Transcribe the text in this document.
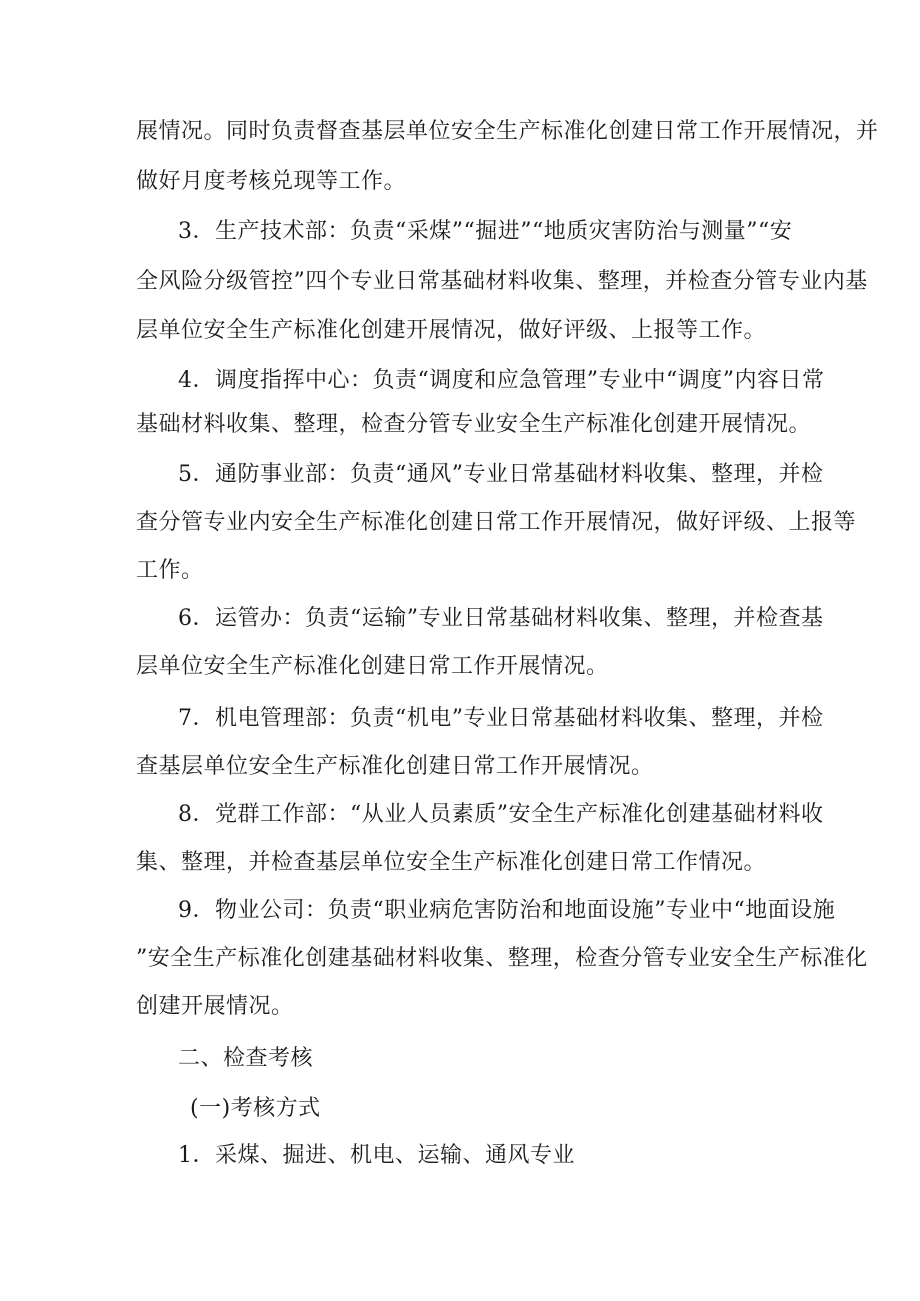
展情况。同时负责督查基层单位安全生产标准化创建日常工作开展情况，并
做好月度考核兑现等工作。
3．生产技术部：负责“采煤”“掘进”“地质灾害防治与测量”“安
全风险分级管控”四个专业日常基础材料收集、整理，并检查分管专业内基
层单位安全生产标准化创建开展情况，做好评级、上报等工作。
4．调度指挥中心：负责“调度和应急管理”专业中“调度”内容日常
基础材料收集、整理，检查分管专业安全生产标准化创建开展情况。
5．通防事业部：负责“通风”专业日常基础材料收集、整理，并检
查分管专业内安全生产标准化创建日常工作开展情况，做好评级、上报等
工作。
6．运管办：负责“运输”专业日常基础材料收集、整理，并检查基
层单位安全生产标准化创建日常工作开展情况。
7．机电管理部：负责“机电”专业日常基础材料收集、整理，并检
查基层单位安全生产标准化创建日常工作开展情况。
8．党群工作部：“从业人员素质”安全生产标准化创建基础材料收
集、整理，并检查基层单位安全生产标准化创建日常工作情况。
9．物业公司：负责“职业病危害防治和地面设施”专业中“地面设施
”安全生产标准化创建基础材料收集、整理，检查分管专业安全生产标准化
创建开展情况。
二、检查考核
(一)考核方式
1．采煤、掘进、机电、运输、通风专业
